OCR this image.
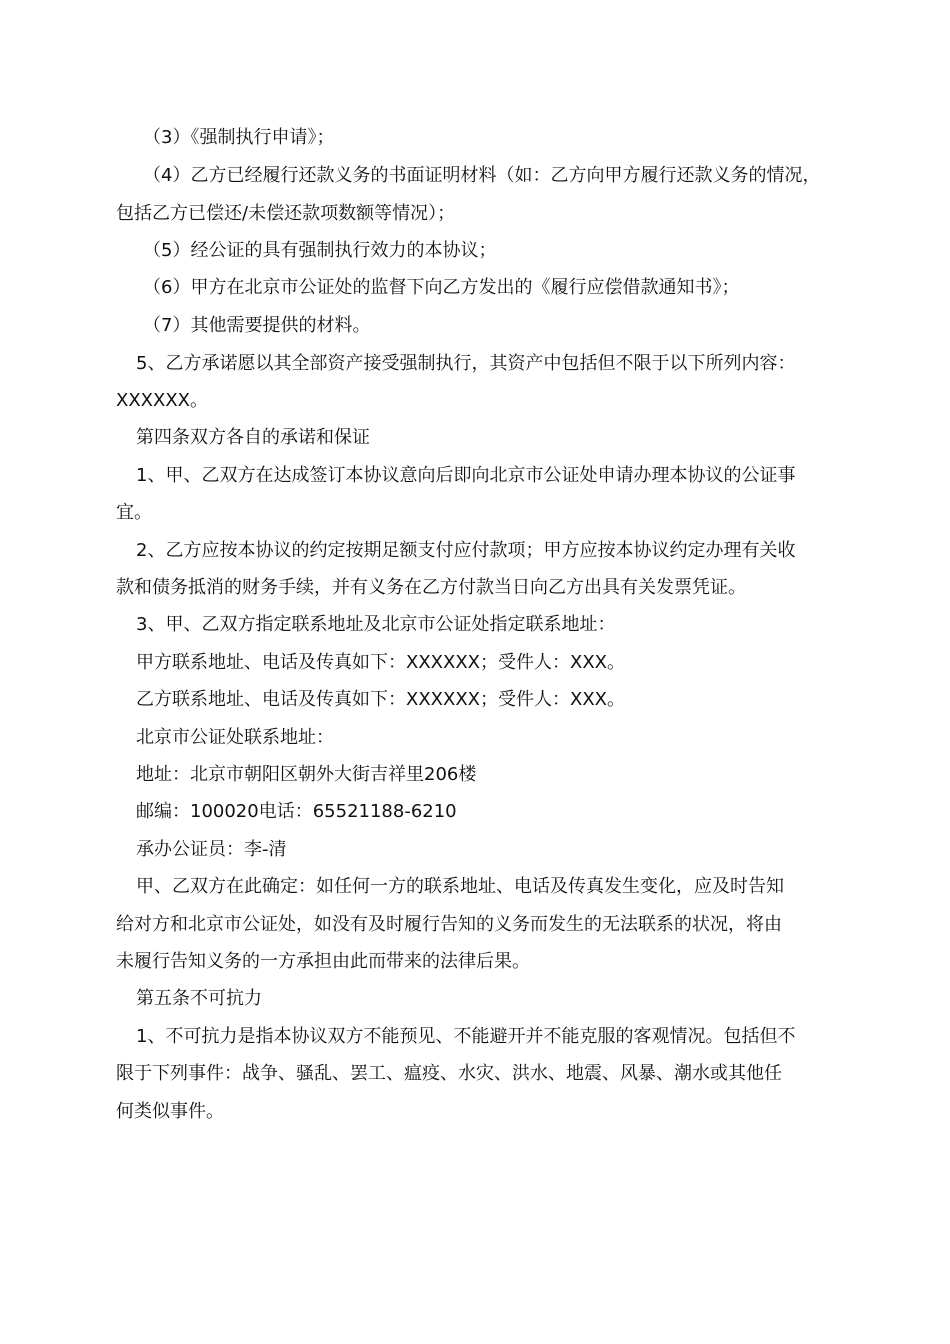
（3）《强制执行申请》；
（4）乙方已经履行还款义务的书面证明材料（如：乙方向甲方履行还款义务的情况，
包括乙方已偿还/未偿还款项数额等情况）；
（5）经公证的具有强制执行效力的本协议；
（6）甲方在北京市公证处的监督下向乙方发出的《履行应偿借款通知书》；
（7）其他需要提供的材料。
5、乙方承诺愿以其全部资产接受强制执行，其资产中包括但不限于以下所列内容：
XXXXXX。
第四条双方各自的承诺和保证
1、甲、乙双方在达成签订本协议意向后即向北京市公证处申请办理本协议的公证事
宜。
2、乙方应按本协议的约定按期足额支付应付款项；甲方应按本协议约定办理有关收
款和债务抵消的财务手续，并有义务在乙方付款当日向乙方出具有关发票凭证。
3、甲、乙双方指定联系地址及北京市公证处指定联系地址：
甲方联系地址、电话及传真如下：XXXXXX；受件人：XXX。
乙方联系地址、电话及传真如下：XXXXXX；受件人：XXX。
北京市公证处联系地址：
地址：北京市朝阳区朝外大街吉祥里206楼
邮编：100020电话：65521188-6210
承办公证员：李-清
甲、乙双方在此确定：如任何一方的联系地址、电话及传真发生变化，应及时告知
给对方和北京市公证处，如没有及时履行告知的义务而发生的无法联系的状况，将由
未履行告知义务的一方承担由此而带来的法律后果。
第五条不可抗力
1、不可抗力是指本协议双方不能预见、不能避开并不能克服的客观情况。包括但不
限于下列事件：战争、骚乱、罢工、瘟疫、水灾、洪水、地震、风暴、潮水或其他任
何类似事件。
